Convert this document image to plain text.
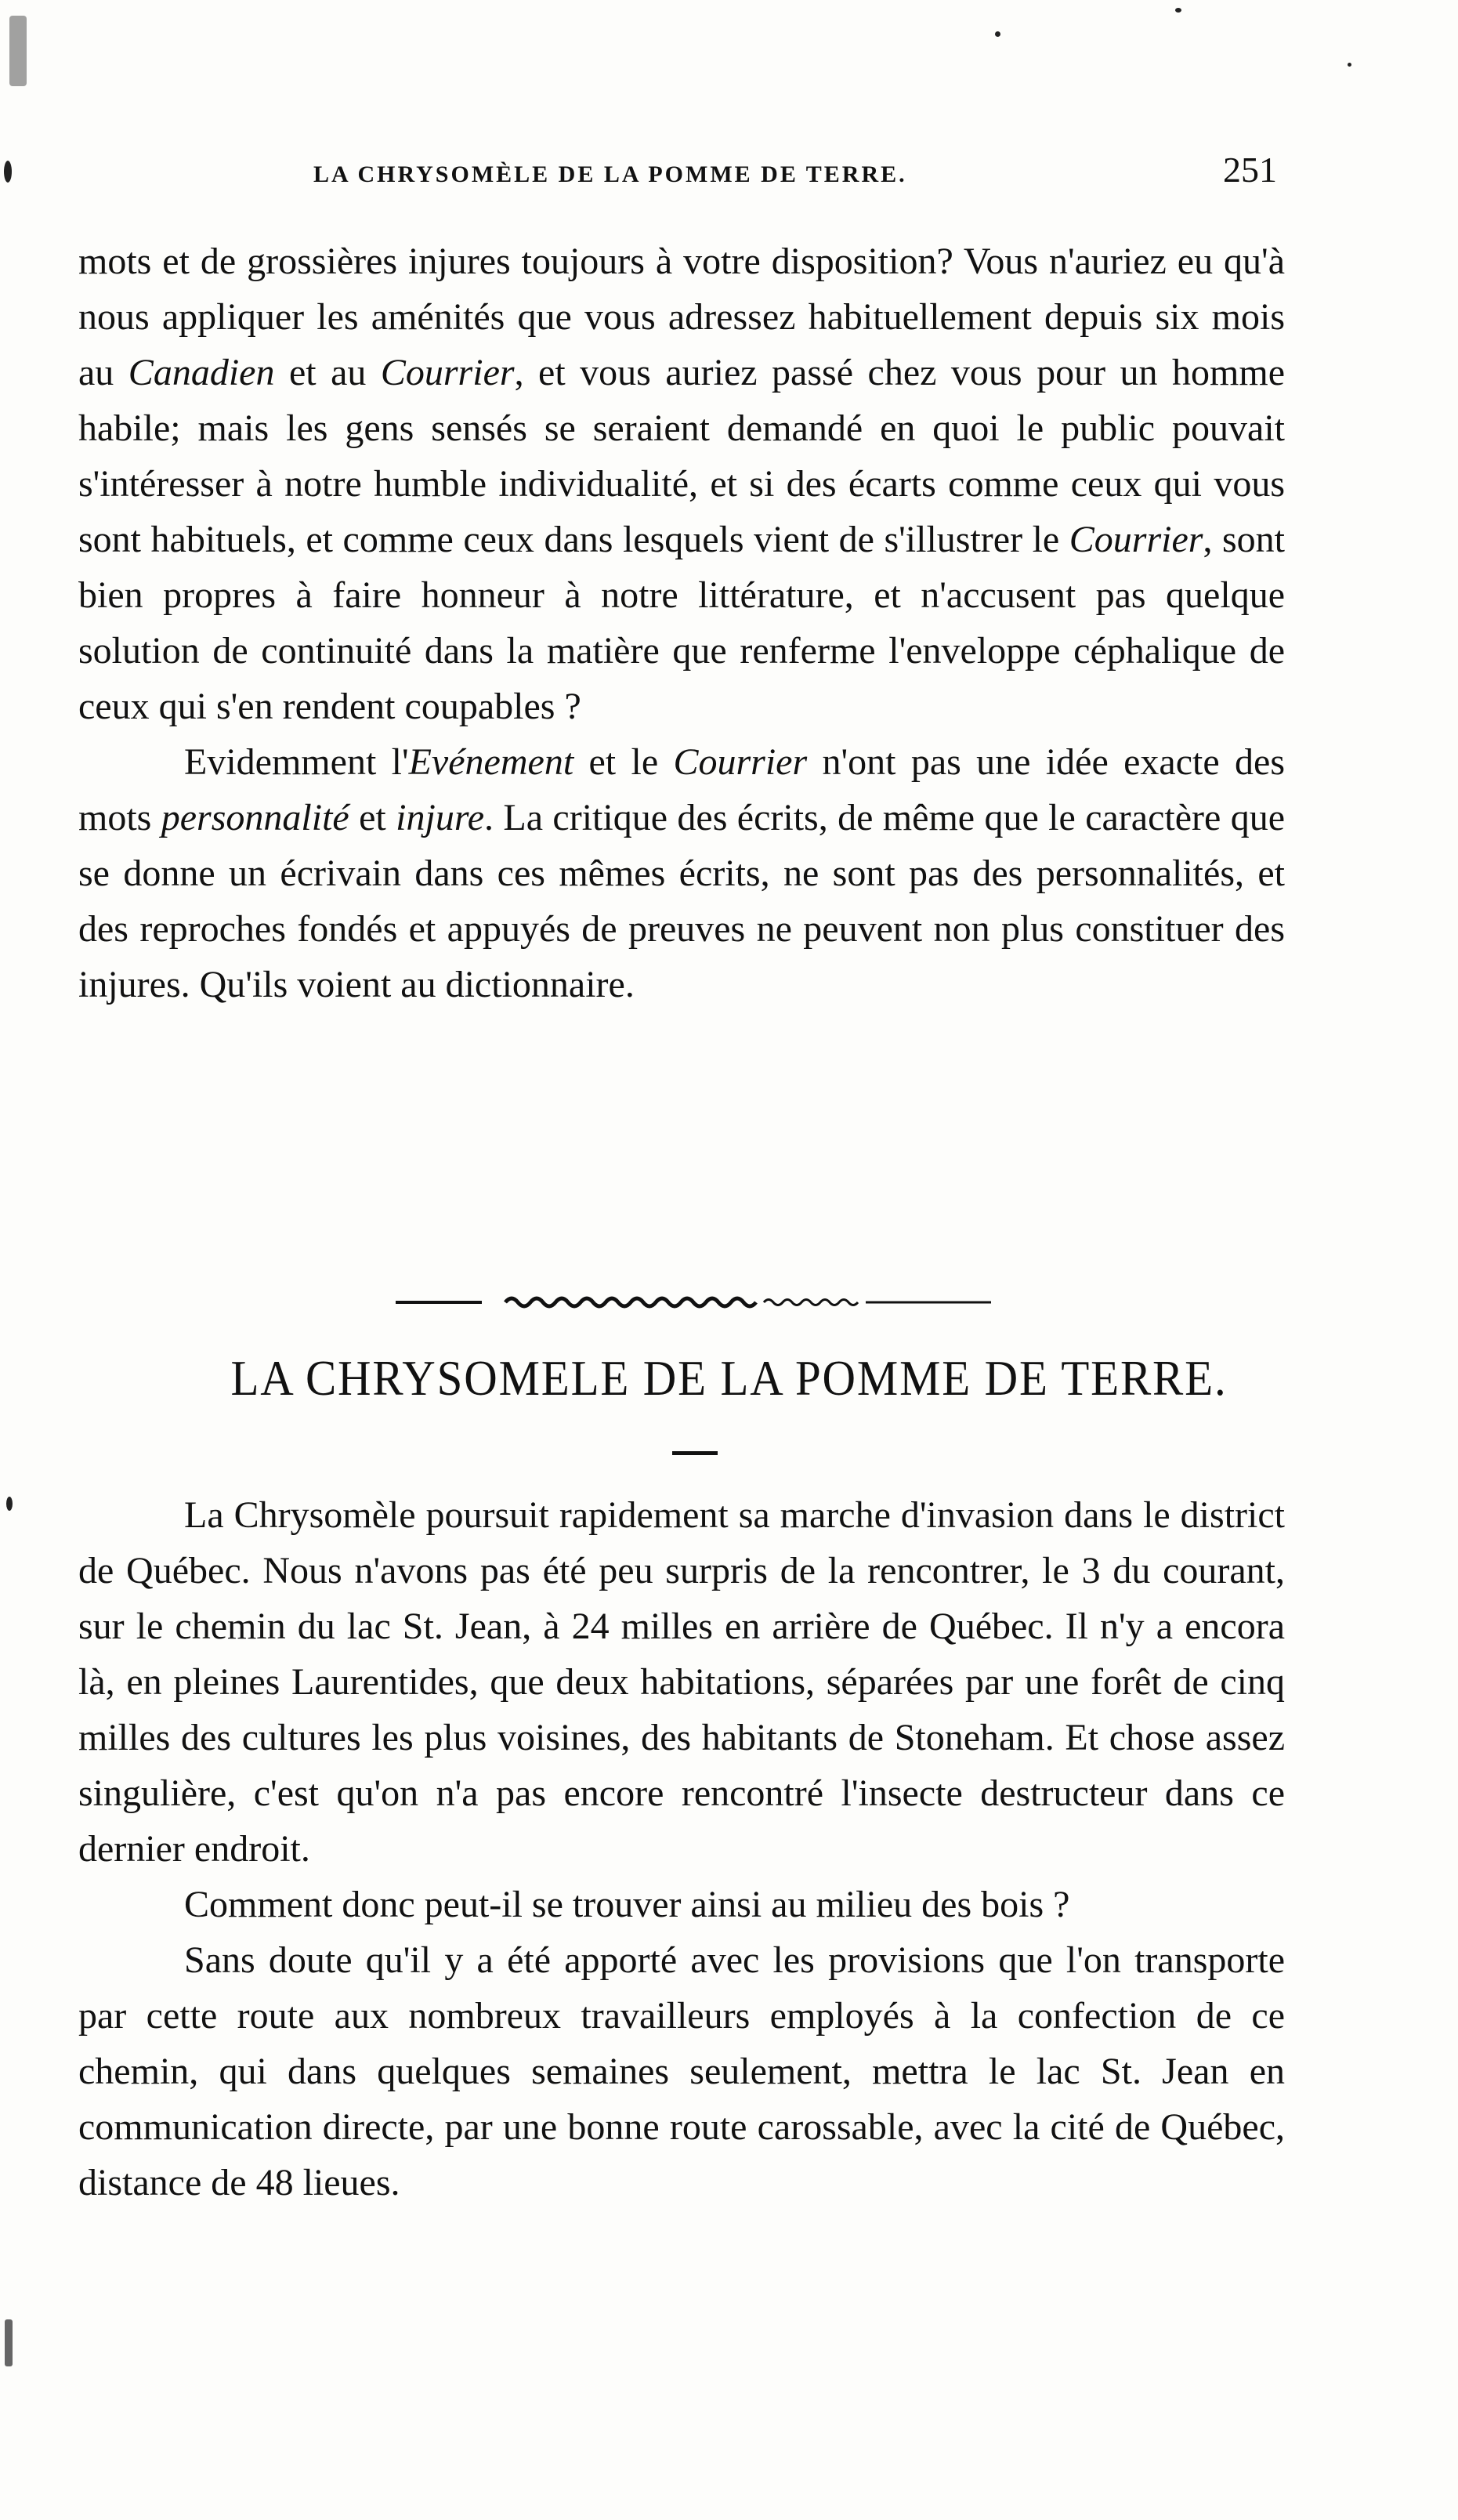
LA CHRYSOMÈLE DE LA POMME DE TERRE.	251

mots et de grossières injures toujours à votre disposition? Vous n'auriez eu qu'à nous appliquer les aménités que vous adressez habituellement depuis six mois au Canadien et au Courrier, et vous auriez passé chez vous pour un homme habile; mais les gens sensés se seraient demandé en quoi le public pouvait s'intéresser à notre humble individualité, et si des écarts comme ceux qui vous sont habituels, et comme ceux dans lesquels vient de s'illustrer le Courrier, sont bien propres à faire honneur à notre littérature, et n'accusent pas quelque solution de continuité dans la matière que renferme l'enveloppe céphalique de ceux qui s'en rendent coupables ?

Evidemment l'Evénement et le Courrier n'ont pas une idée exacte des mots personnalité et injure. La critique des écrits, de même que le caractère que se donne un écrivain dans ces mêmes écrits, ne sont pas des personnalités, et des reproches fondés et appuyés de preuves ne peuvent non plus constituer des injures. Qu'ils voient au dictionnaire.

LA CHRYSOMELE DE LA POMME DE TERRE.

La Chrysomèle poursuit rapidement sa marche d'invasion dans le district de Québec. Nous n'avons pas été peu surpris de la rencontrer, le 3 du courant, sur le chemin du lac St. Jean, à 24 milles en arrière de Québec. Il n'y a encora là, en pleines Laurentides, que deux habitations, séparées par une forêt de cinq milles des cultures les plus voisines, des habitants de Stoneham. Et chose assez singulière, c'est qu'on n'a pas encore rencontré l'insecte destructeur dans ce dernier endroit.

Comment donc peut-il se trouver ainsi au milieu des bois ?

Sans doute qu'il y a été apporté avec les provisions que l'on transporte par cette route aux nombreux travailleurs employés à la confection de ce chemin, qui dans quelques semaines seulement, mettra le lac St. Jean en communication directe, par une bonne route carossable, avec la cité de Québec, distance de 48 lieues.
